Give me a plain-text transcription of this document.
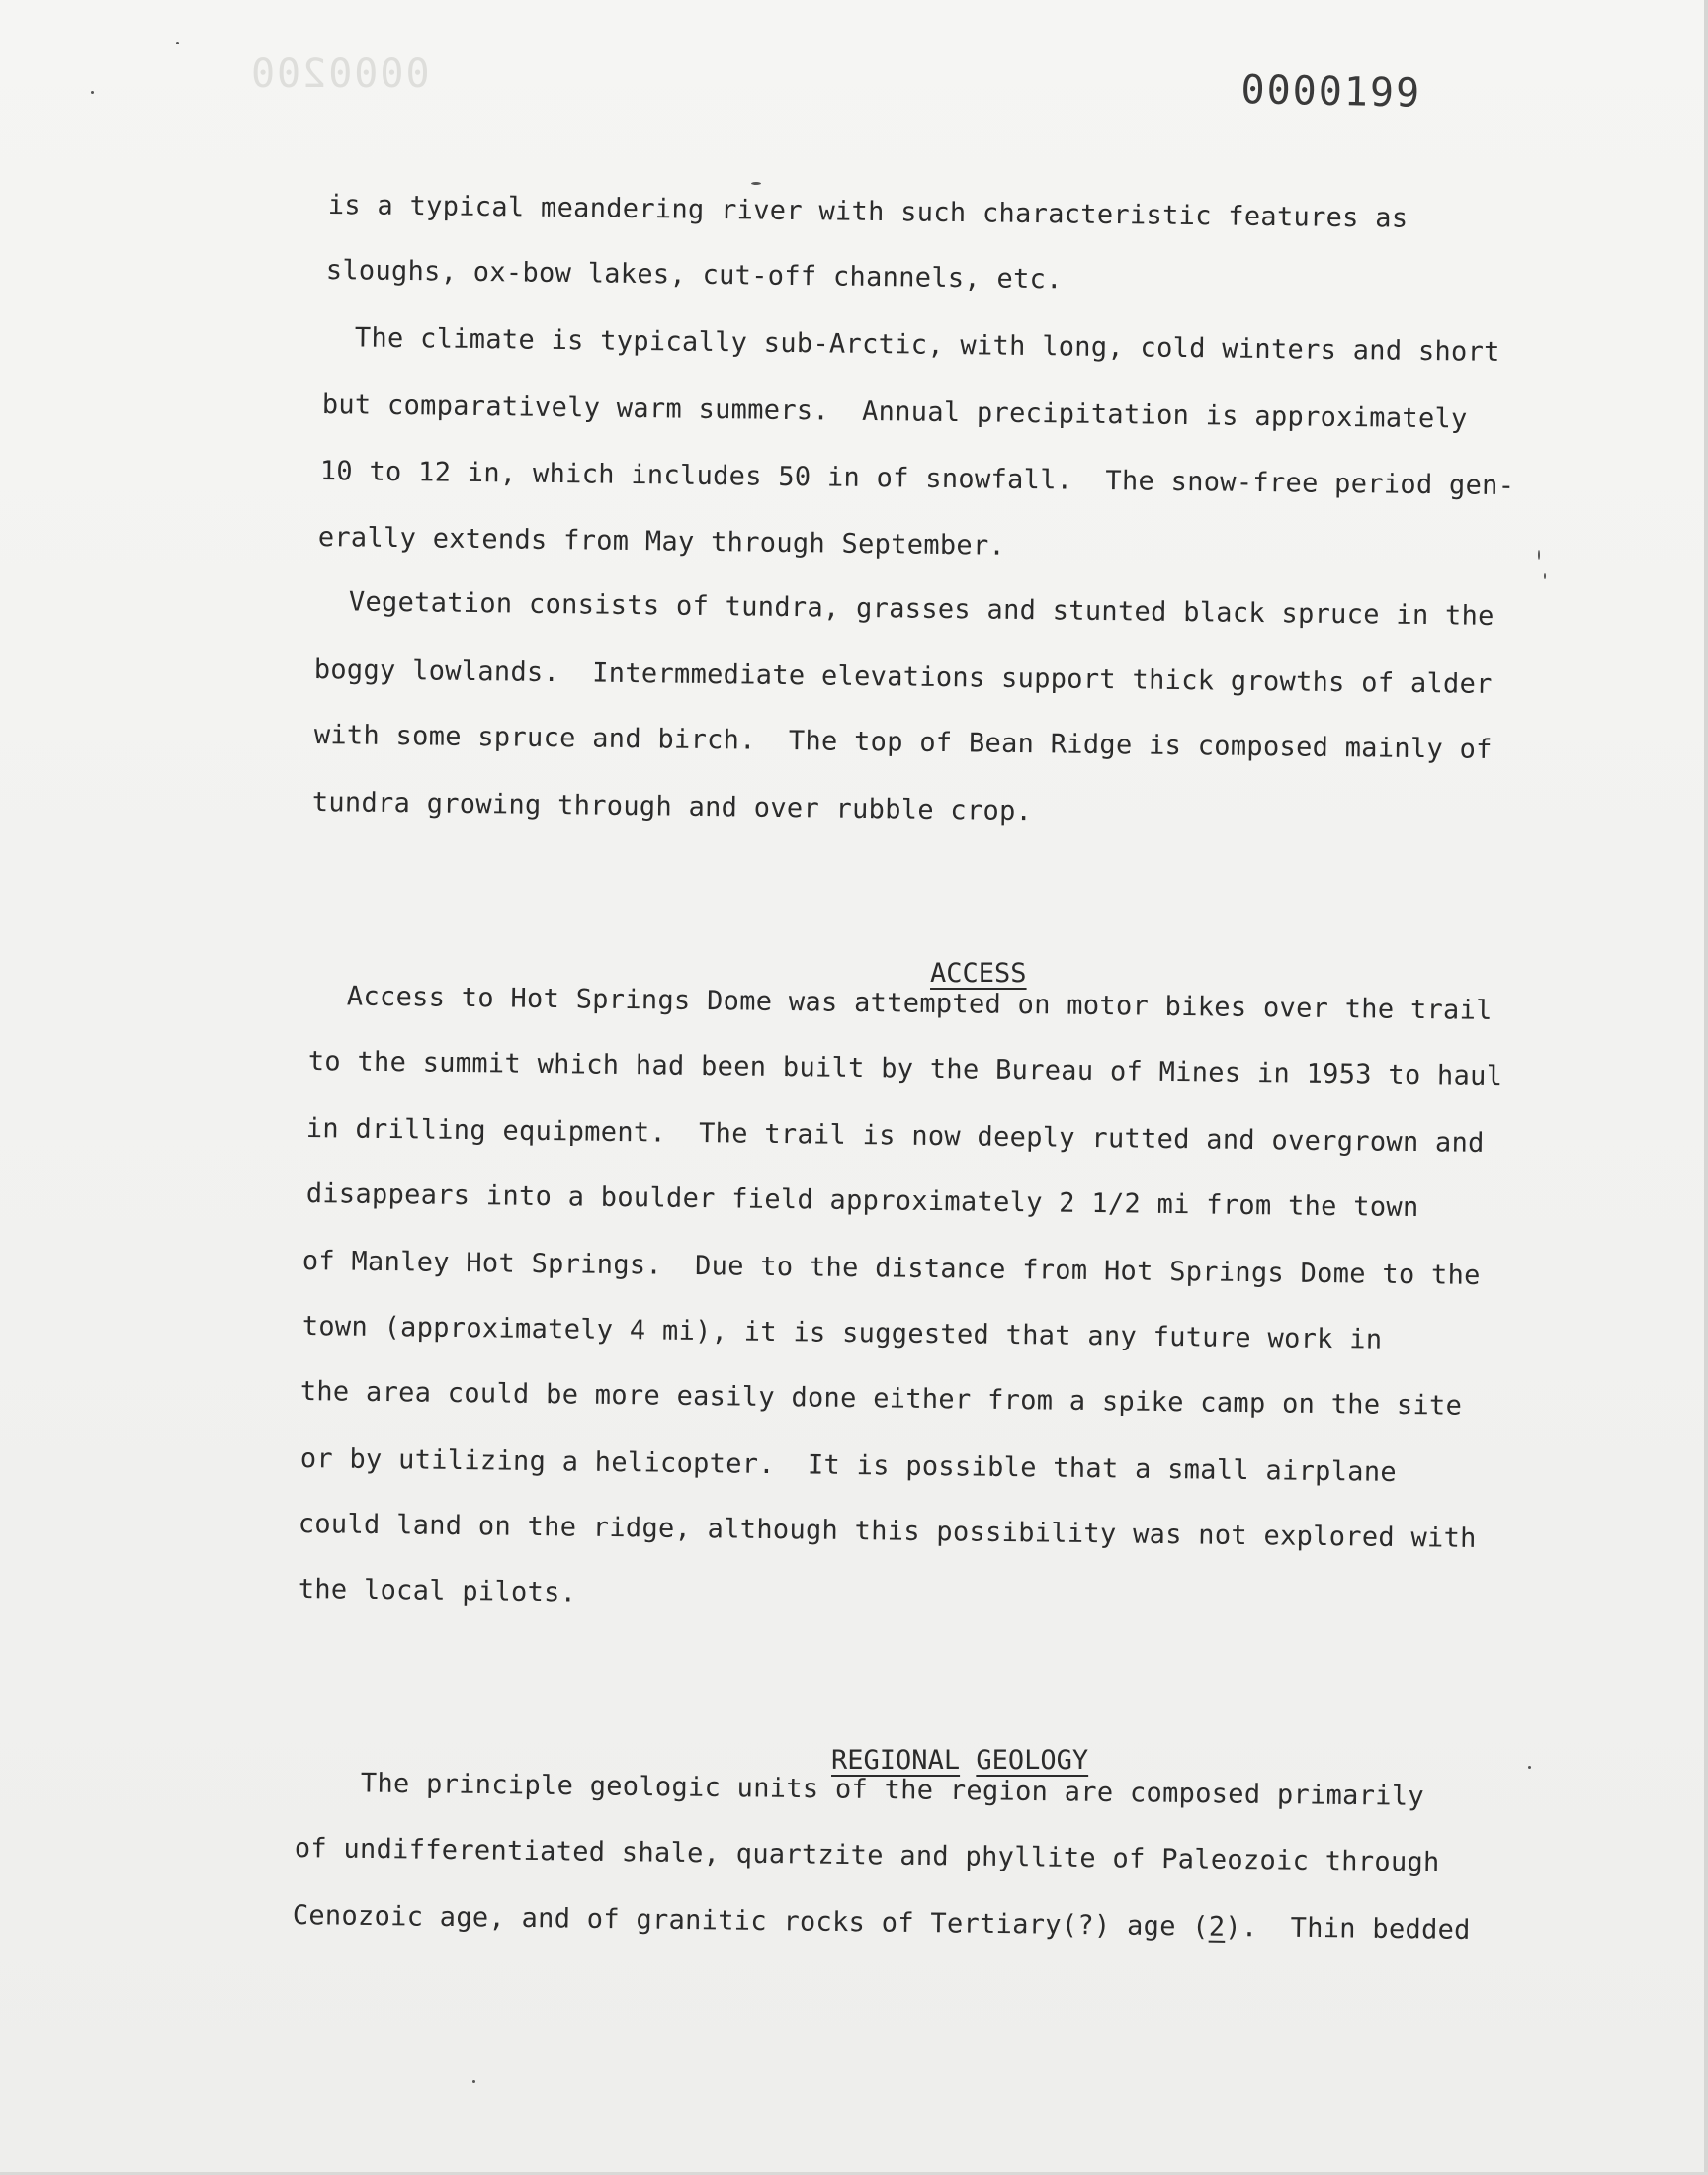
0000200	0000199
is a typical meandering river with such characteristic features as
sloughs, ox-bow lakes, cut-off channels, etc.
The climate is typically sub-Arctic, with long, cold winters and short
but comparatively warm summers.  Annual precipitation is approximately
10 to 12 in, which includes 50 in of snowfall.  The snow-free period gen-
erally extends from May through September.
Vegetation consists of tundra, grasses and stunted black spruce in the
boggy lowlands.  Intermmediate elevations support thick growths of alder
with some spruce and birch.  The top of Bean Ridge is composed mainly of
tundra growing through and over rubble crop.

ACCESS

Access to Hot Springs Dome was attempted on motor bikes over the trail
to the summit which had been built by the Bureau of Mines in 1953 to haul
in drilling equipment.  The trail is now deeply rutted and overgrown and
disappears into a boulder field approximately 2 1/2 mi from the town
of Manley Hot Springs.  Due to the distance from Hot Springs Dome to the
town (approximately 4 mi), it is suggested that any future work in
the area could be more easily done either from a spike camp on the site
or by utilizing a helicopter.  It is possible that a small airplane
could land on the ridge, although this possibility was not explored with
the local pilots.

REGIONAL GEOLOGY

The principle geologic units of the region are composed primarily
of undifferentiated shale, quartzite and phyllite of Paleozoic through
Cenozoic age, and of granitic rocks of Tertiary(?) age (2).  Thin bedded
